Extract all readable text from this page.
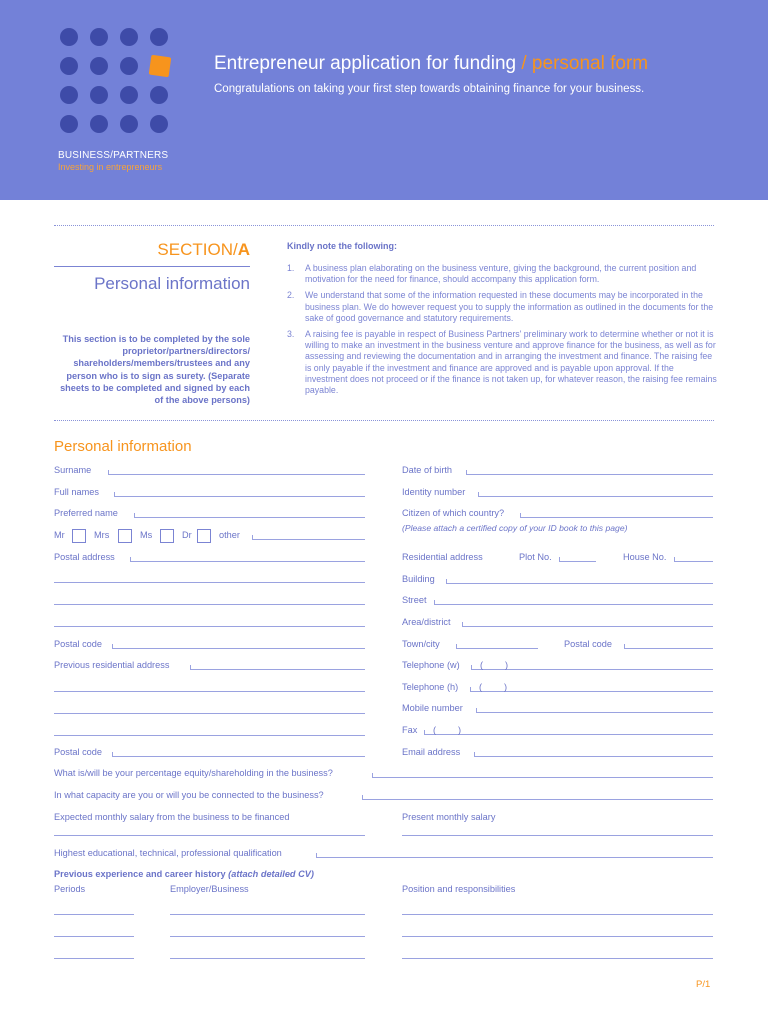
BUSINESS/PARTNERS
Investing in entrepreneurs
Entrepreneur application for funding / personal form
Congratulations on taking your first step towards obtaining finance for your business.
SECTION/A
Personal information
This section is to be completed by the sole proprietor/partners/directors/ shareholders/members/trustees and any person who is to sign as surety. (Separate sheets to be completed and signed by each of the above persons)
Kindly note the following:
1. A business plan elaborating on the business venture, giving the background, the current position and motivation for the need for finance, should accompany this application form.
2. We understand that some of the information requested in these documents may be incorporated in the business plan. We do however request you to supply the information as outlined in the documents for the sake of good governance and statutory requirements.
3. A raising fee is payable in respect of Business Partners' preliminary work to determine whether or not it is willing to make an investment in the business venture and approve finance for the business, as well as for assessing and reviewing the documentation and in arranging the investment and finance. The raising fee is only payable if the investment and finance are approved and is payable upon approval. If the investment does not proceed or if the finance is not taken up, for whatever reason, the raising fee remains payable.
Personal information
Surname
Full names
Preferred name
Mr	Mrs	Ms	Dr	other
Postal address
Postal code
Previous residential address
Postal code
Date of birth
Identity number
Citizen of which country?
(Please attach a certified copy of your ID book to this page)
Residential address	Plot No.	House No.
Building
Street
Area/district
Town/city	Postal code
Telephone (w) ( )
Telephone (h) ( )
Mobile number
Fax ( )
Email address
What is/will be your percentage equity/shareholding in the business?
In what capacity are you or will you be connected to the business?
Expected monthly salary from the business to be financed	Present monthly salary
Highest educational, technical, professional qualification
Previous experience and career history (attach detailed CV)
Periods	Employer/Business	Position and responsibilities
P/1
